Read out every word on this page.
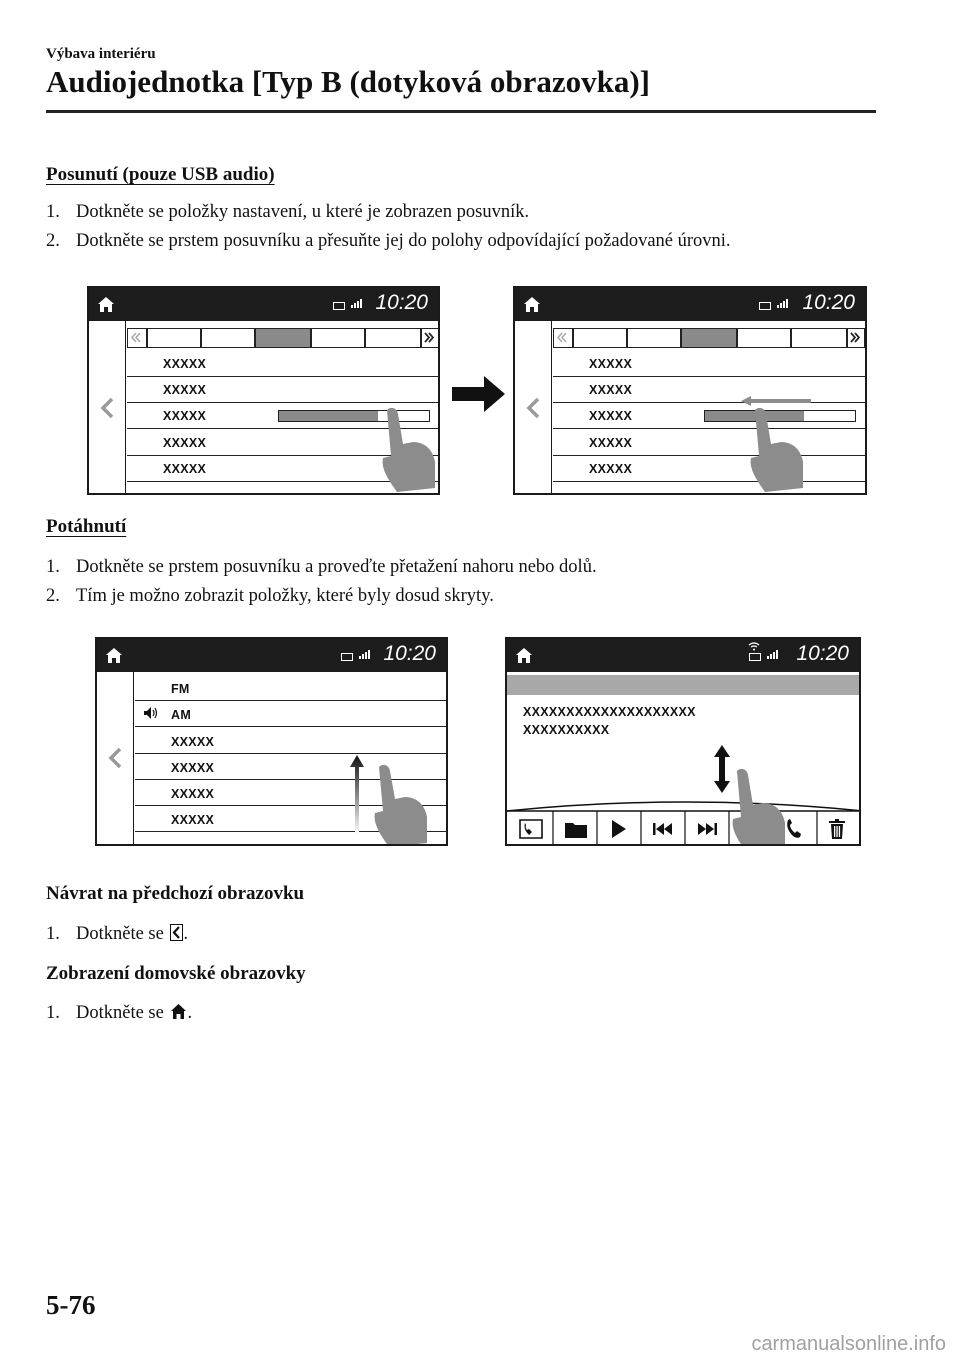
Výbava interiéru
Audiojednotka [Typ B (dotyková obrazovka)]
Posunutí (pouze USB audio)
1. Dotkněte se položky nastavení, u které je zobrazen posuvník.
2. Dotkněte se prstem posuvníku a přesuňte jej do polohy odpovídající požadované úrovni.
10:20
XXXXX
XXXXX
XXXXX
XXXXX
XXXXX
10:20
XXXXX
XXXXX
XXXXX
XXXXX
XXXXX
Potáhnutí
1. Dotkněte se prstem posuvníku a proveďte přetažení nahoru nebo dolů.
2. Tím je možno zobrazit položky, které byly dosud skryty.
10:20
FM
AM
XXXXX
XXXXX
XXXXX
XXXXX
10:20
XXXXXXXXXXXXXXXXXXXX
XXXXXXXXXX
Návrat na předchozí obrazovku
1. Dotkněte se .
Zobrazení domovské obrazovky
1. Dotkněte se .
5-76
carmanualsonline.info
